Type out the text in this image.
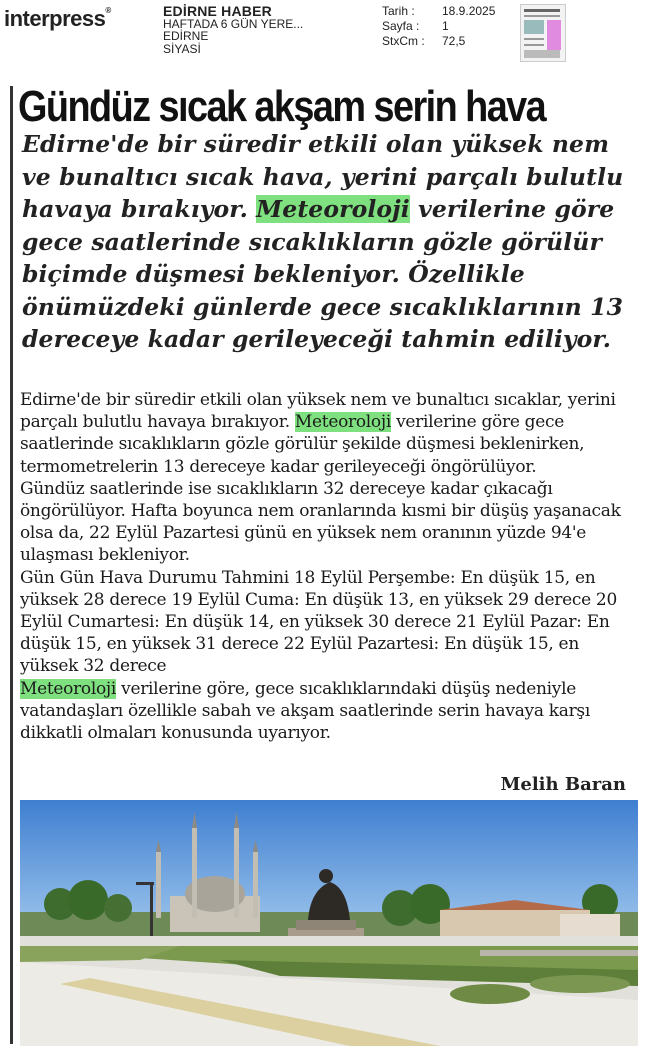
interpress®	EDİRNE HABER
HAFTADA 6 GÜN YERE...
EDİRNE
SİYASİ
Tarih :	18.9.2025
Sayfa :	1
StxCm :	72,5
Gündüz sıcak akşam serin hava
Edirne'de bir süredir etkili olan yüksek nem ve bunaltıcı sıcak hava, yerini parçalı bulutlu havaya bırakıyor. Meteoroloji verilerine göre gece saatlerinde sıcaklıkların gözle görülür biçimde düşmesi bekleniyor. Özellikle önümüzdeki günlerde gece sıcaklıklarının 13 dereceye kadar gerileyeceği tahmin ediliyor.

Edirne'de bir süredir etkili olan yüksek nem ve bunaltıcı sıcaklar, yerini parçalı bulutlu havaya bırakıyor. Meteoroloji verilerine göre gece saatlerinde sıcaklıkların gözle görülür şekilde düşmesi beklenirken, termometrelerin 13 dereceye kadar gerileyeceği öngörülüyor.

Gündüz saatlerinde ise sıcaklıkların 32 dereceye kadar çıkacağı öngörülüyor. Hafta boyunca nem oranlarında kısmi bir düşüş yaşanacak olsa da, 22 Eylül Pazartesi günü en yüksek nem oranının yüzde 94'e ulaşması bekleniyor.

Gün Gün Hava Durumu Tahmini 18 Eylül Perşembe: En düşük 15, en yüksek 28 derece 19 Eylül Cuma: En düşük 13, en yüksek 29 derece 20 Eylül Cumartesi: En düşük 14, en yüksek 30 derece 21 Eylül Pazar: En düşük 15, en yüksek 31 derece 22 Eylül Pazartesi: En düşük 15, en yüksek 32 derece

Meteoroloji verilerine göre, gece sıcaklıklarındaki düşüş nedeniyle vatandaşları özellikle sabah ve akşam saatlerinde serin havaya karşı dikkatli olmaları konusunda uyarıyor.

Melih Baran
